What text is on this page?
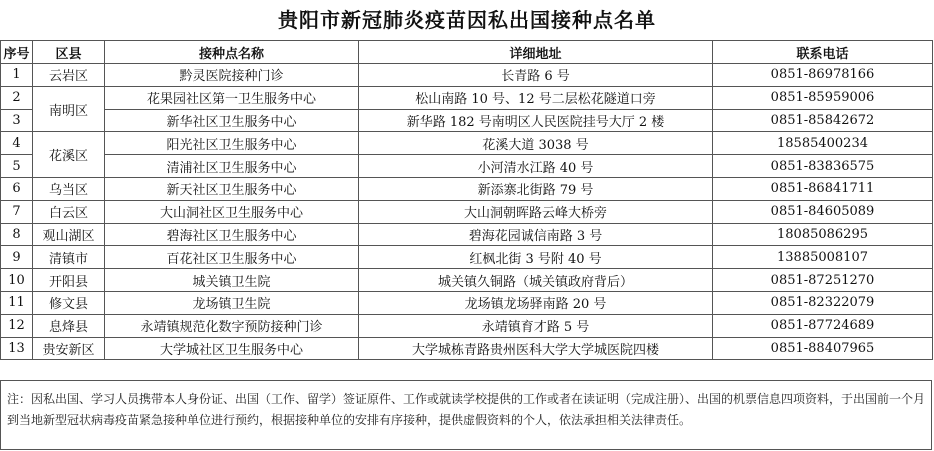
贵阳市新冠肺炎疫苗因私出国接种点名单
序号	区县	接种点名称	详细地址	联系电话
1	云岩区	黔灵医院接种门诊	长青路 6 号	0851-86978166
2	南明区	花果园社区第一卫生服务中心	松山南路 10 号、12 号二层松花隧道口旁	0851-85959006
3		新华社区卫生服务中心	新华路 182 号南明区人民医院挂号大厅 2 楼	0851-85842672
4	花溪区	阳光社区卫生服务中心	花溪大道 3038 号	18585400234
5		清浦社区卫生服务中心	小河清水江路 40 号	0851-83836575
6	乌当区	新天社区卫生服务中心	新添寨北街路 79 号	0851-86841711
7	白云区	大山洞社区卫生服务中心	大山洞朝晖路云峰大桥旁	0851-84605089
8	观山湖区	碧海社区卫生服务中心	碧海花园诚信南路 3 号	18085086295
9	清镇市	百花社区卫生服务中心	红枫北街 3 号附 40 号	13885008107
10	开阳县	城关镇卫生院	城关镇久铜路（城关镇政府背后）	0851-87251270
11	修文县	龙场镇卫生院	龙场镇龙场驿南路 20 号	0851-82322079
12	息烽县	永靖镇规范化数字预防接种门诊	永靖镇育才路 5 号	0851-87724689
13	贵安新区	大学城社区卫生服务中心	大学城栋青路贵州医科大学大学城医院四楼	0851-88407965
注：因私出国、学习人员携带本人身份证、出国（工作、留学）签证原件、工作或就读学校提供的工作或者在读证明（完成注册）、出国的机票信息四项资料，于出国前一个月到当地新型冠状病毒疫苗紧急接种单位进行预约，根据接种单位的安排有序接种，提供虚假资料的个人，依法承担相关法律责任。
